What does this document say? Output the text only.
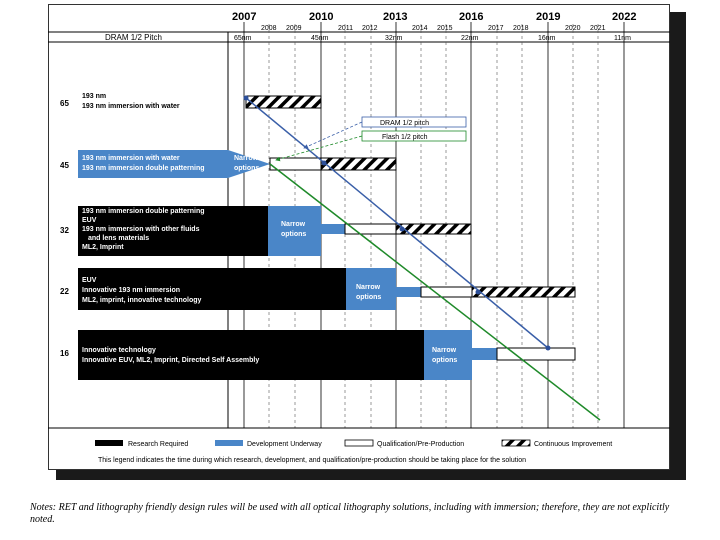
2007	2010	2013	2016	2019	2022
2008 2009	2011 2012	2014 2015	2017 2018	2020 2021
DRAM 1/2 Pitch	65nm	45nm	32nm	22nm	16nm	11nm
65
193 nm
193 nm immersion with water
45
193 nm immersion with water
193 nm immersion double patterning
Narrow
options
32
193 nm immersion double patterning
EUV
193 nm immersion with other fluids
and lens materials
ML2, Imprint
Narrow
options
22
EUV
Innovative 193 nm immersion
ML2, imprint, innovative technology
Narrow
options
16 Innovative technology
Innovative EUV, ML2, Imprint, Directed Self Assembly
Narrow
options
DRAM 1/2 pitch
Flash 1/2 pitch
Research Required	Development Underway	Qualification/Pre-Production	Continuous Improvement
This legend indicates the time during which research, development, and qualification/pre-production should be taking place for the solution
Notes: RET and lithography friendly design rules will be used with all optical lithography solutions, including with immersion; therefore, they are not explicitly noted.
